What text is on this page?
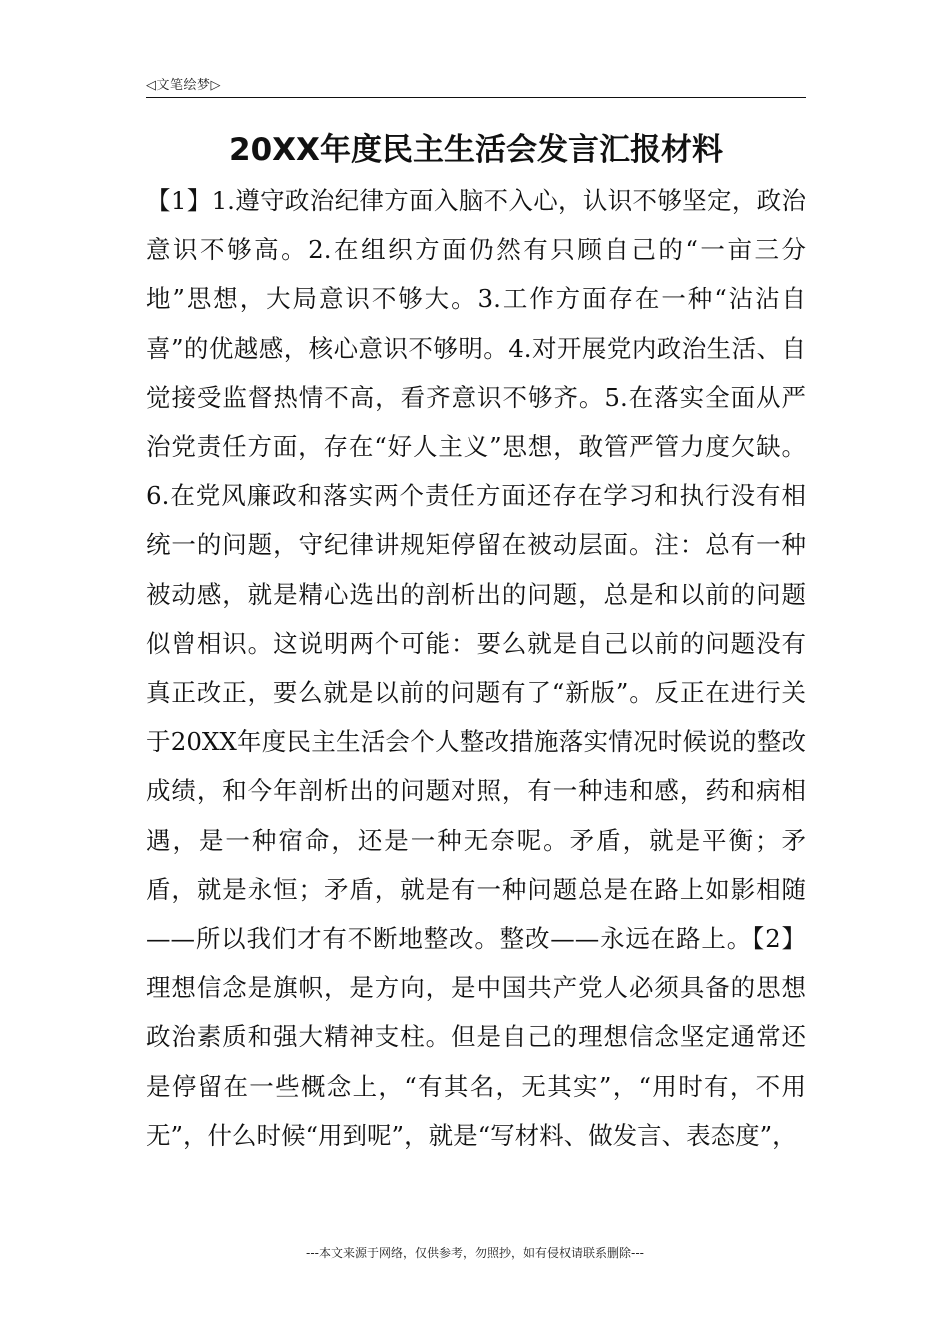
◁文笔绘梦▷
20XX年度民主生活会发言汇报材料

【1】1.遵守政治纪律方面入脑不入心，认识不够坚定，政治意识不够高。2.在组织方面仍然有只顾自己的“一亩三分地”思想，大局意识不够大。3.工作方面存在一种“沾沾自喜”的优越感，核心意识不够明。4.对开展党内政治生活、自觉接受监督热情不高，看齐意识不够齐。5.在落实全面从严治党责任方面，存在“好人主义”思想，敢管严管力度欠缺。6.在党风廉政和落实两个责任方面还存在学习和执行没有相统一的问题，守纪律讲规矩停留在被动层面。注：总有一种被动感，就是精心选出的剖析出的问题，总是和以前的问题似曾相识。这说明两个可能：要么就是自己以前的问题没有真正改正，要么就是以前的问题有了“新版”。反正在进行关于20XX年度民主生活会个人整改措施落实情况时候说的整改成绩，和今年剖析出的问题对照，有一种违和感，药和病相遇，是一种宿命，还是一种无奈呢。矛盾，就是平衡；矛盾，就是永恒；矛盾，就是有一种问题总是在路上如影相随——所以我们才有不断地整改。整改——永远在路上。【2】理想信念是旗帜，是方向，是中国共产党人必须具备的思想政治素质和强大精神支柱。但是自己的理想信念坚定通常还是停留在一些概念上，“有其名，无其实”，“用时有，不用无”，什么时候“用到呢”，就是“写材料、做发言、表态度”，

---本文来源于网络，仅供参考，勿照抄，如有侵权请联系删除---
